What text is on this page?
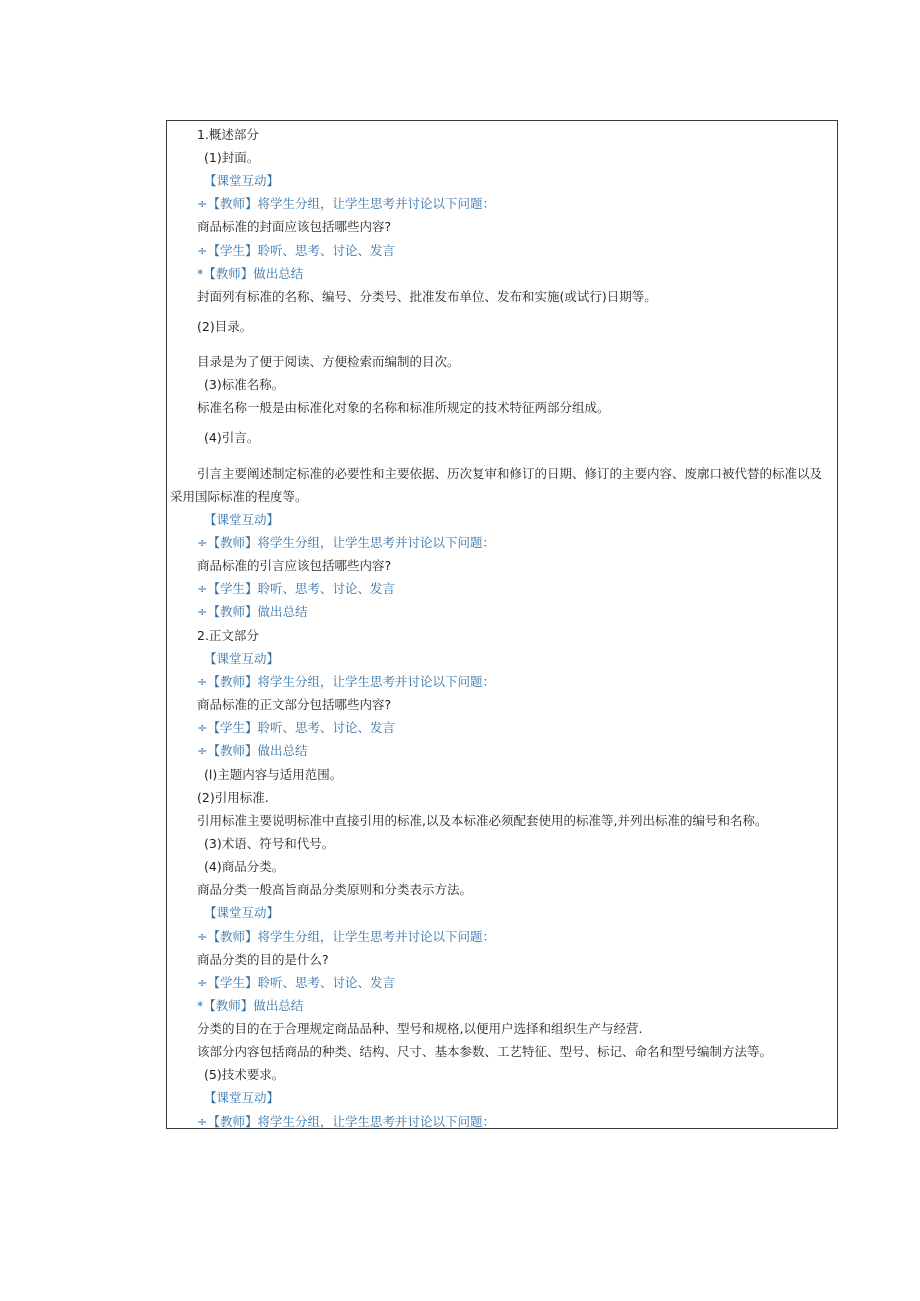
1.概述部分
(1)封面。
【课堂互动】
÷【教师】将学生分组，让学生思考并讨论以下问题：
商品标准的封面应该包括哪些内容?
÷【学生】聆听、思考、讨论、发言
*【教师】做出总结
封面列有标准的名称、编号、分类号、批准发布单位、发布和实施(或试行)日期等。
(2)目录。
目录是为了便于阅读、方便检索而编制的目次。
(3)标准名称。
标准名称一般是由标准化对象的名称和标准所规定的技术特征两部分组成。
(4)引言。
引言主要阐述制定标准的必要性和主要依据、历次复审和修订的日期、修订的主要内容、废廓口被代替的标准以及采用国际标准的程度等。
【课堂互动】
÷【教师】将学生分组，让学生思考并讨论以下问题：
商品标准的引言应该包括哪些内容?
÷【学生】聆听、思考、讨论、发言
÷【教师】做出总结
2.正文部分
【课堂互动】
÷【教师】将学生分组，让学生思考并讨论以下问题：
商品标准的正文部分包括哪些内容?
÷【学生】聆听、思考、讨论、发言
÷【教师】做出总结
(l)主题内容与适用范围。
(2)引用标准.
引用标准主要说明标准中直接引用的标准,以及本标准必须配套使用的标准等,并列出标准的编号和名称。
(3)术语、符号和代号。
(4)商品分类。
商品分类一般高旨商品分类原则和分类表示方法。
【课堂互动】
÷【教师】将学生分组，让学生思考并讨论以下问题：
商品分类的目的是什么?
÷【学生】聆听、思考、讨论、发言
*【教师】做出总结
分类的目的在于合理规定商品品种、型号和规格,以便用户选择和组织生产与经营.
该部分内容包括商品的种类、结构、尺寸、基本参数、工艺特征、型号、标记、命名和型号编制方法等。
(5)技术要求。
【课堂互动】
÷【教师】将学生分组，让学生思考并讨论以下问题：
